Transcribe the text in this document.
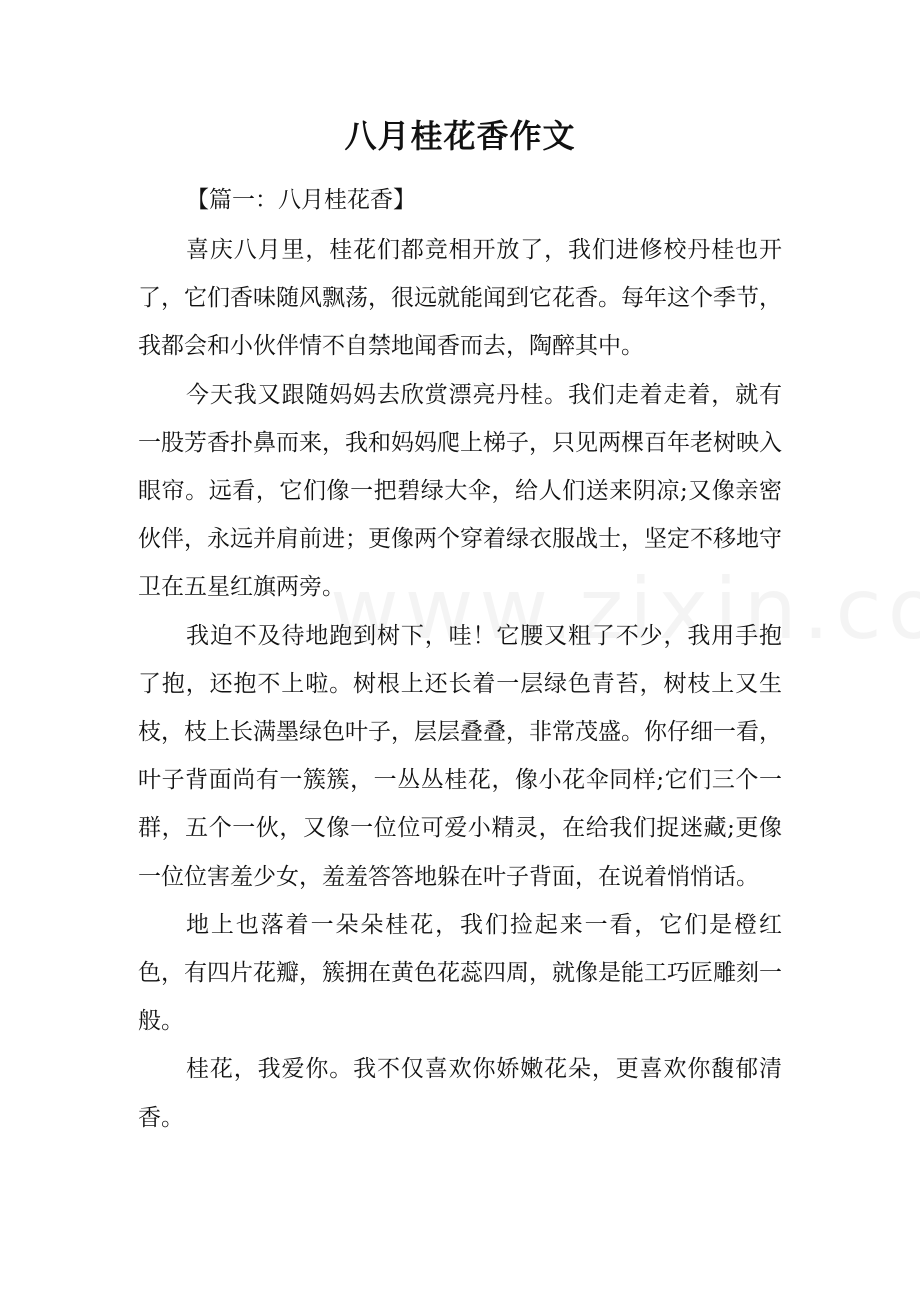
八月桂花香作文
【篇一：八月桂花香】

喜庆八月里，桂花们都竞相开放了，我们进修校丹桂也开了，它们香味随风飘荡，很远就能闻到它花香。每年这个季节，我都会和小伙伴情不自禁地闻香而去，陶醉其中。

今天我又跟随妈妈去欣赏漂亮丹桂。我们走着走着，就有一股芳香扑鼻而来，我和妈妈爬上梯子，只见两棵百年老树映入眼帘。远看，它们像一把碧绿大伞，给人们送来阴凉;又像亲密伙伴，永远并肩前进；更像两个穿着绿衣服战士，坚定不移地守卫在五星红旗两旁。

我迫不及待地跑到树下，哇！它腰又粗了不少，我用手抱了抱，还抱不上啦。树根上还长着一层绿色青苔，树枝上又生枝，枝上长满墨绿色叶子，层层叠叠，非常茂盛。你仔细一看，叶子背面尚有一簇簇，一丛丛桂花，像小花伞同样;它们三个一群，五个一伙，又像一位位可爱小精灵，在给我们捉迷藏;更像一位位害羞少女，羞羞答答地躲在叶子背面，在说着悄悄话。

地上也落着一朵朵桂花，我们捡起来一看，它们是橙红色，有四片花瓣，簇拥在黄色花蕊四周，就像是能工巧匠雕刻一般。

桂花，我爱你。我不仅喜欢你娇嫩花朵，更喜欢你馥郁清香。
